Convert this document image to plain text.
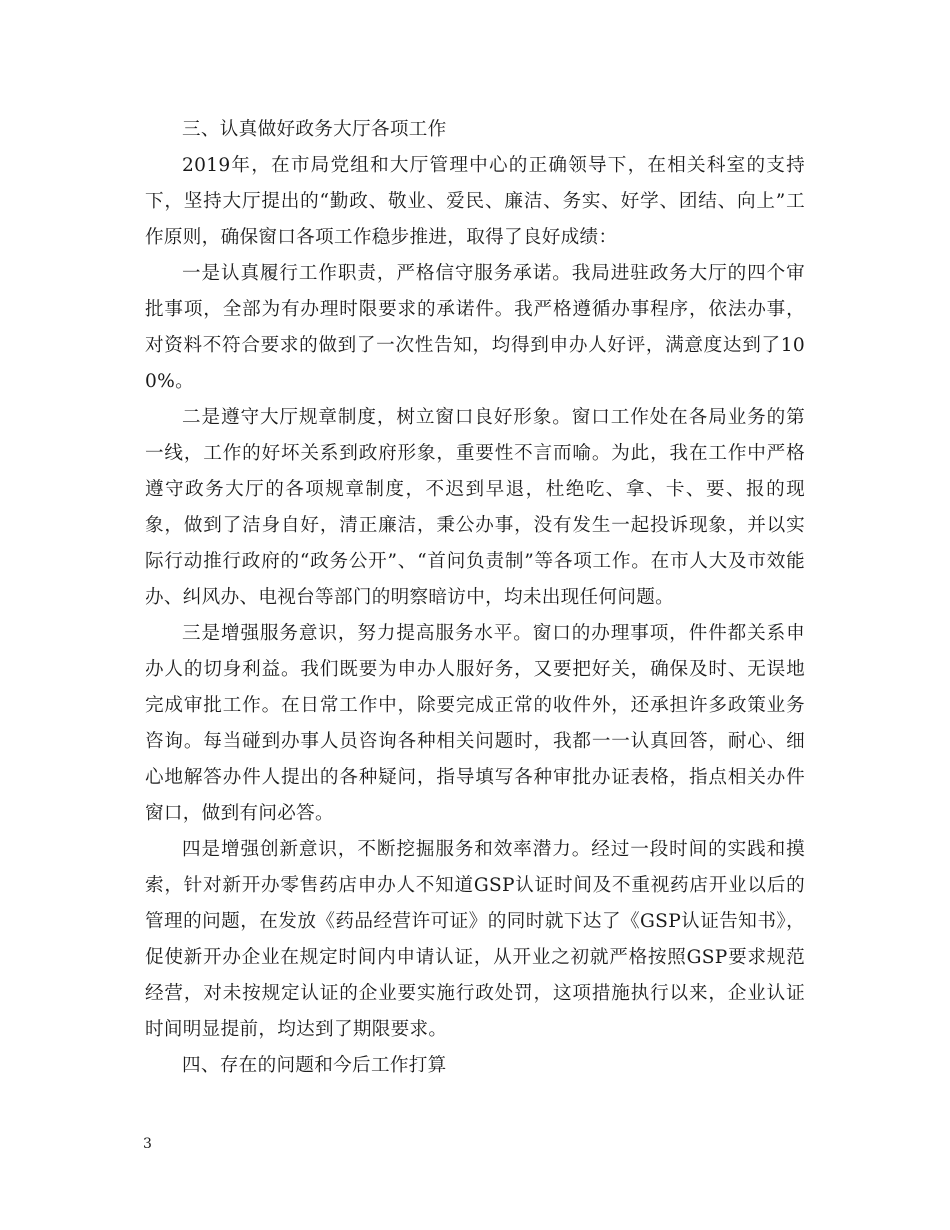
三、认真做好政务大厅各项工作

2019年，在市局党组和大厅管理中心的正确领导下，在相关科室的支持下，坚持大厅提出的“勤政、敬业、爱民、廉洁、务实、好学、团结、向上”工作原则，确保窗口各项工作稳步推进，取得了良好成绩：

一是认真履行工作职责，严格信守服务承诺。我局进驻政务大厅的四个审批事项，全部为有办理时限要求的承诺件。我严格遵循办事程序，依法办事，对资料不符合要求的做到了一次性告知，均得到申办人好评，满意度达到了100%。

二是遵守大厅规章制度，树立窗口良好形象。窗口工作处在各局业务的第一线，工作的好坏关系到政府形象，重要性不言而喻。为此，我在工作中严格遵守政务大厅的各项规章制度，不迟到早退，杜绝吃、拿、卡、要、报的现象，做到了洁身自好，清正廉洁，秉公办事，没有发生一起投诉现象，并以实际行动推行政府的“政务公开”、“首问负责制”等各项工作。在市人大及市效能办、纠风办、电视台等部门的明察暗访中，均未出现任何问题。

三是增强服务意识，努力提高服务水平。窗口的办理事项，件件都关系申办人的切身利益。我们既要为申办人服好务，又要把好关，确保及时、无误地完成审批工作。在日常工作中，除要完成正常的收件外，还承担许多政策业务咨询。每当碰到办事人员咨询各种相关问题时，我都一一认真回答，耐心、细心地解答办件人提出的各种疑问，指导填写各种审批办证表格，指点相关办件窗口，做到有问必答。

四是增强创新意识，不断挖掘服务和效率潜力。经过一段时间的实践和摸索，针对新开办零售药店申办人不知道GSP认证时间及不重视药店开业以后的管理的问题，在发放《药品经营许可证》的同时就下达了《GSP认证告知书》，促使新开办企业在规定时间内申请认证，从开业之初就严格按照GSP要求规范经营，对未按规定认证的企业要实施行政处罚，这项措施执行以来，企业认证时间明显提前，均达到了期限要求。

四、存在的问题和今后工作打算

3
